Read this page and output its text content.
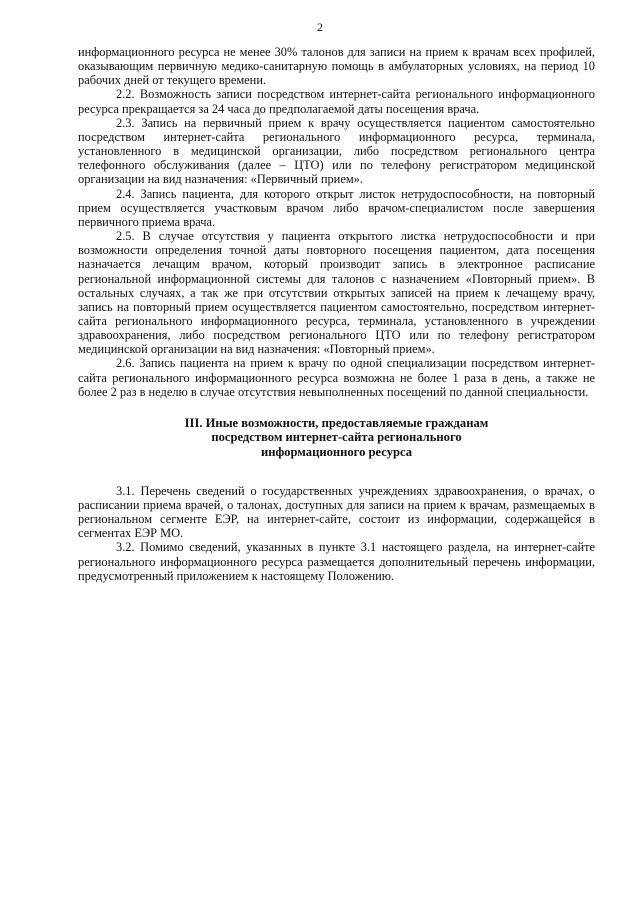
2

информационного ресурса не менее 30% талонов для записи на прием к врачам всех профилей, оказывающим первичную медико-санитарную помощь в амбулаторных условиях, на период 10 рабочих дней от текущего времени.

2.2. Возможность записи посредством интернет-сайта регионального информационного ресурса прекращается за 24 часа до предполагаемой даты посещения врача.

2.3. Запись на первичный прием к врачу осуществляется пациентом самостоятельно посредством интернет-сайта регионального информационного ресурса, терминала, установленного в медицинской организации, либо посредством регионального центра телефонного обслуживания (далее – ЦТО) или по телефону регистратором медицинской организации на вид назначения: «Первичный прием».

2.4. Запись пациента, для которого открыт листок нетрудоспособности, на повторный прием осуществляется участковым врачом либо врачом-специалистом после завершения первичного приема врача.

2.5. В случае отсутствия у пациента открытого листка нетрудоспособности и при возможности определения точной даты повторного посещения пациентом, дата посещения назначается лечащим врачом, который производит запись в электронное расписание региональной информационной системы для талонов с назначением «Повторный прием». В остальных случаях, а так же при отсутствии открытых записей на прием к лечащему врачу, запись на повторный прием осуществляется пациентом самостоятельно, посредством интернет-сайта регионального информационного ресурса, терминала, установленного в учреждении здравоохранения, либо посредством регионального ЦТО или по телефону регистратором медицинской организации на вид назначения: «Повторный прием».

2.6. Запись пациента на прием к врачу по одной специализации посредством интернет-сайта регионального информационного ресурса возможна не более 1 раза в день, а также не более 2 раз в неделю в случае отсутствия невыполненных посещений по данной специальности.

III. Иные возможности, предоставляемые гражданам
посредством интернет-сайта регионального
информационного ресурса

3.1. Перечень сведений о государственных учреждениях здравоохранения, о врачах, о расписании приема врачей, о талонах, доступных для записи на прием к врачам, размещаемых в региональном сегменте ЕЭР, на интернет-сайте, состоит из информации, содержащейся в сегментах ЕЭР МО.

3.2. Помимо сведений, указанных в пункте 3.1 настоящего раздела, на интернет-сайте регионального информационного ресурса размещается дополнительный перечень информации, предусмотренный приложением к настоящему Положению.
